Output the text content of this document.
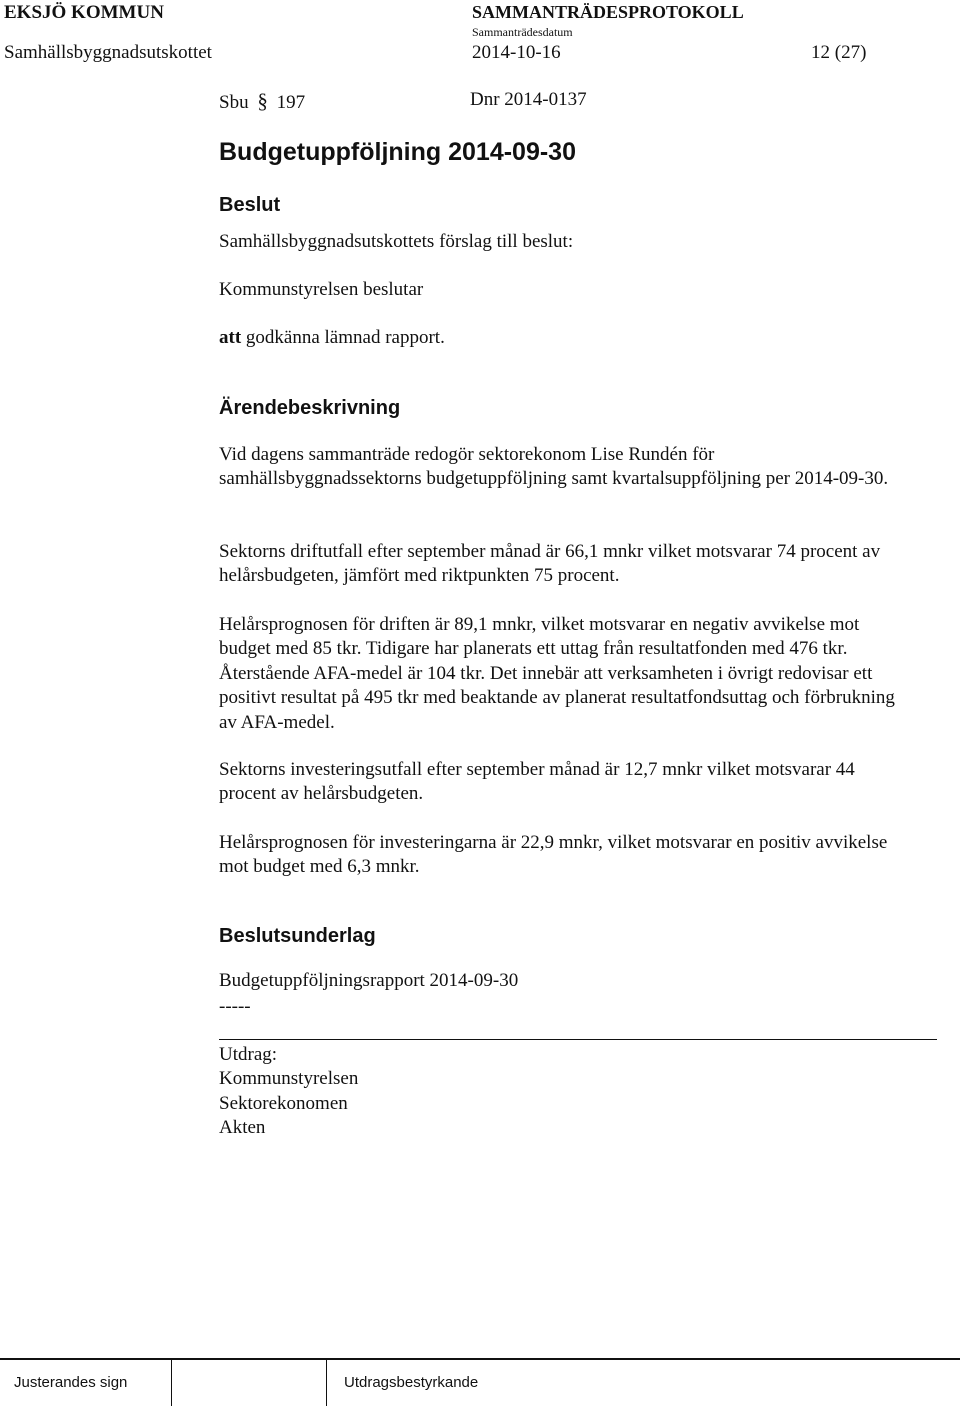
EKSJÖ KOMMUN	SAMMANTRÄDESPROTOKOLL
Sammanträdesdatum
Samhällsbyggnadsutskottet	2014-10-16	12 (27)
Sbu § 197	Dnr 2014-0137
Budgetuppföljning 2014-09-30
Beslut
Samhällsbyggnadsutskottets förslag till beslut:
Kommunstyrelsen beslutar
att godkänna lämnad rapport.
Ärendebeskrivning

Vid dagens sammanträde redogör sektorekonom Lise Rundén för samhällsbyggnadssektorns budgetuppföljning samt kvartalsuppföljning per 2014-09-30.

Sektorns driftutfall efter september månad är 66,1 mnkr vilket motsvarar 74 procent av helårsbudgeten, jämfört med riktpunkten 75 procent.

Helårsprognosen för driften är 89,1 mnkr, vilket motsvarar en negativ avvikelse mot budget med 85 tkr. Tidigare har planerats ett uttag från resultatfonden med 476 tkr. Återstående AFA-medel är 104 tkr. Det innebär att verksamheten i övrigt redovisar ett positivt resultat på 495 tkr med beaktande av planerat resultatfondsuttag och förbrukning av AFA-medel.

Sektorns investeringsutfall efter september månad är 12,7 mnkr vilket motsvarar 44 procent av helårsbudgeten.

Helårsprognosen för investeringarna är 22,9 mnkr, vilket motsvarar en positiv avvikelse mot budget med 6,3 mnkr.

Beslutsunderlag
Budgetuppföljningsrapport 2014-09-30
-----
Utdrag:
Kommunstyrelsen
Sektorekonomen
Akten
Justerandes sign	Utdragsbestyrkande
